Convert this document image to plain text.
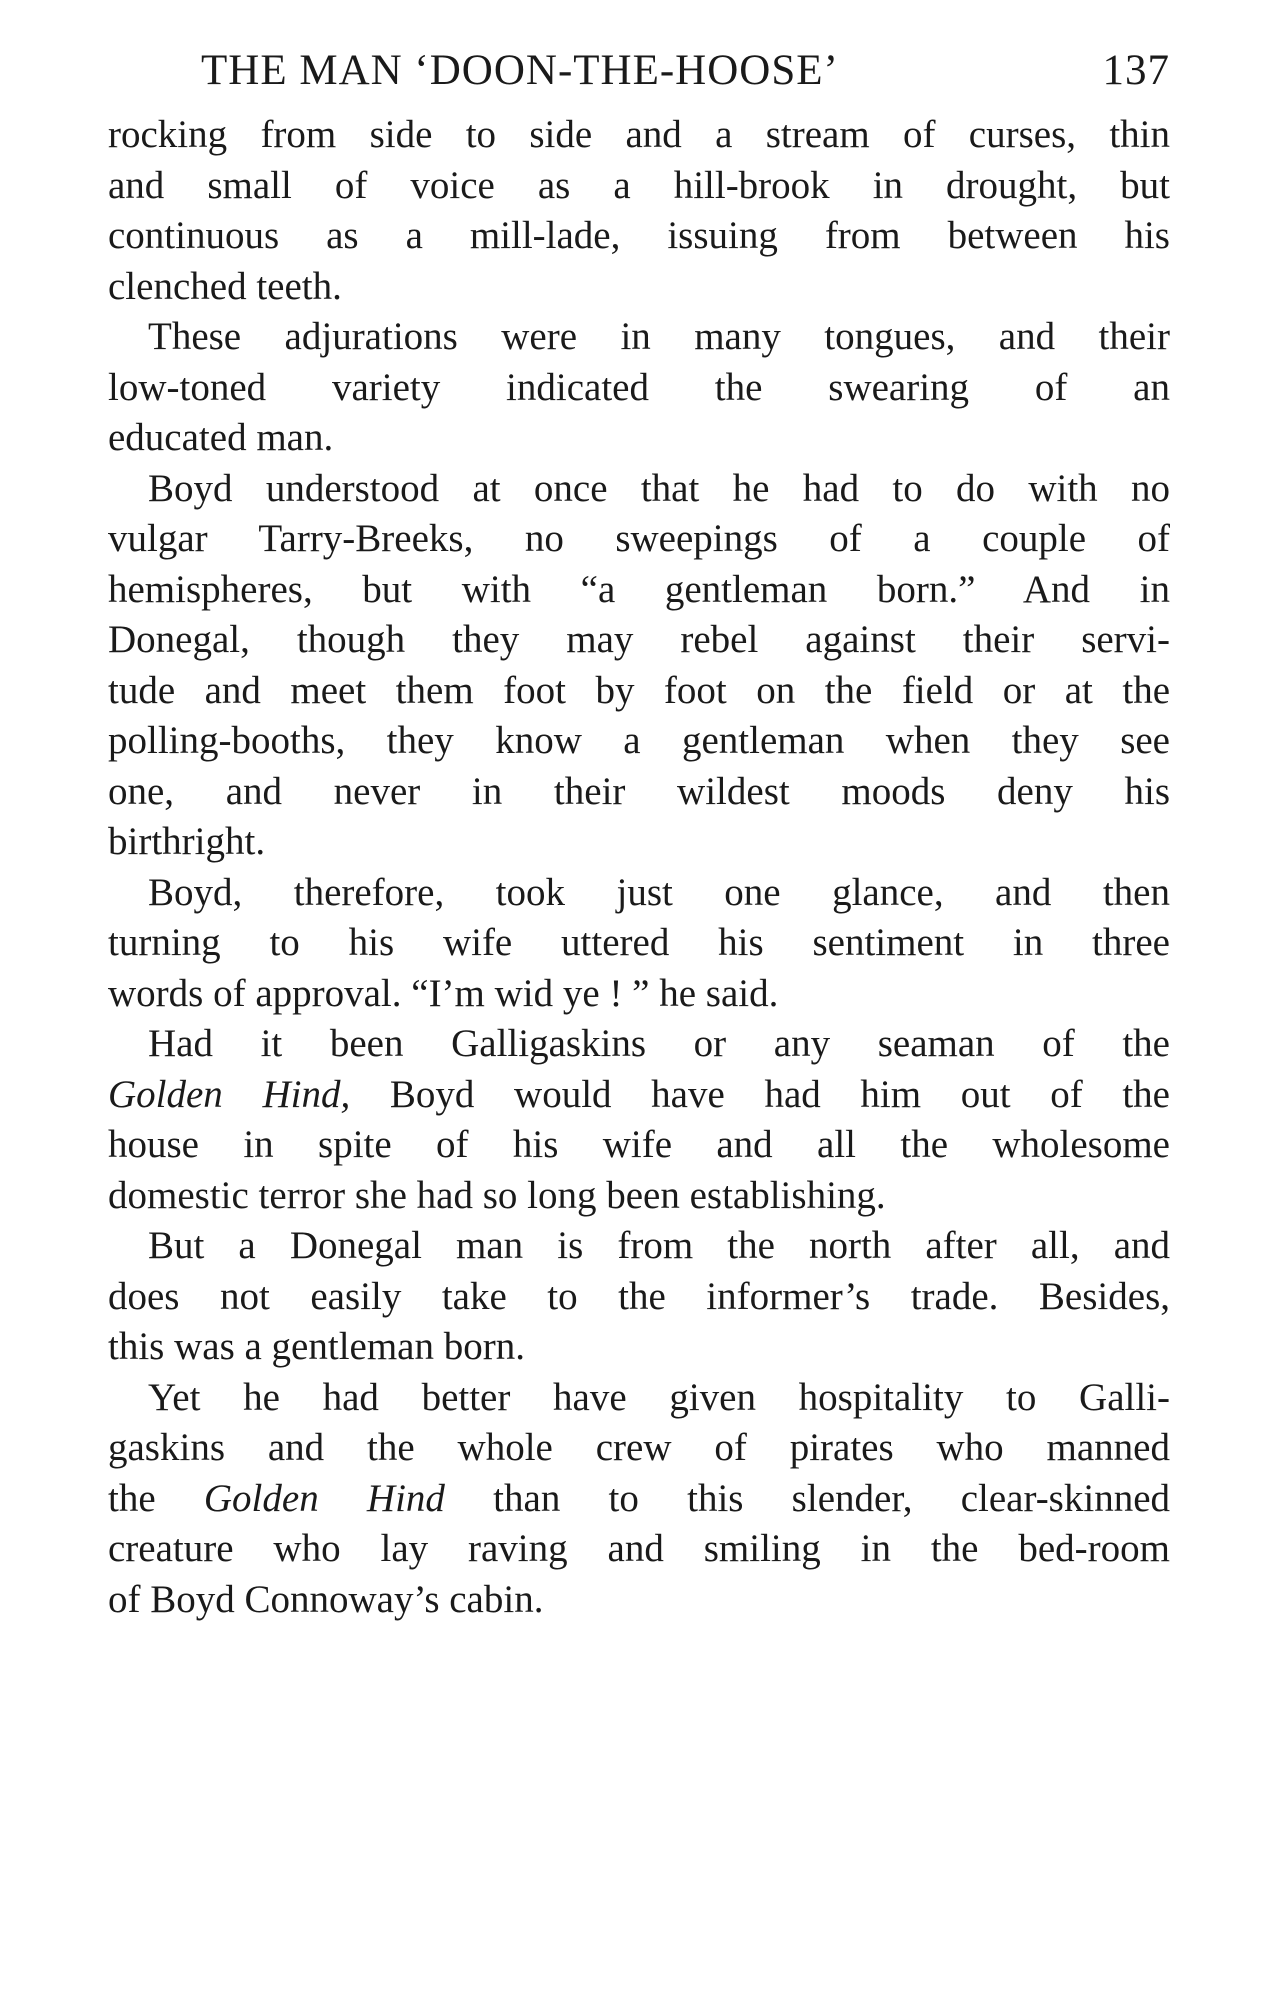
THE MAN ‘DOON-THE-HOOSE’	137

rocking from side to side and a stream of curses, thin
and small of voice as a hill-brook in drought, but
continuous as a mill-lade, issuing from between his
clenched teeth.

These adjurations were in many tongues, and their
low-toned variety indicated the swearing of an
educated man.

Boyd understood at once that he had to do with no
vulgar Tarry-Breeks, no sweepings of a couple of
hemispheres, but with “a gentleman born.” And in
Donegal, though they may rebel against their servi-
tude and meet them foot by foot on the field or at the
polling-booths, they know a gentleman when they see
one, and never in their wildest moods deny his
birthright.

Boyd, therefore, took just one glance, and then
turning to his wife uttered his sentiment in three
words of approval. “I’m wid ye ! ” he said.

Had it been Galligaskins or any seaman of the
Golden Hind, Boyd would have had him out of the
house in spite of his wife and all the wholesome
domestic terror she had so long been establishing.

But a Donegal man is from the north after all, and
does not easily take to the informer’s trade. Besides,
this was a gentleman born.

Yet he had better have given hospitality to Galli-
gaskins and the whole crew of pirates who manned
the Golden Hind than to this slender, clear-skinned
creature who lay raving and smiling in the bed-room
of Boyd Connoway’s cabin.
